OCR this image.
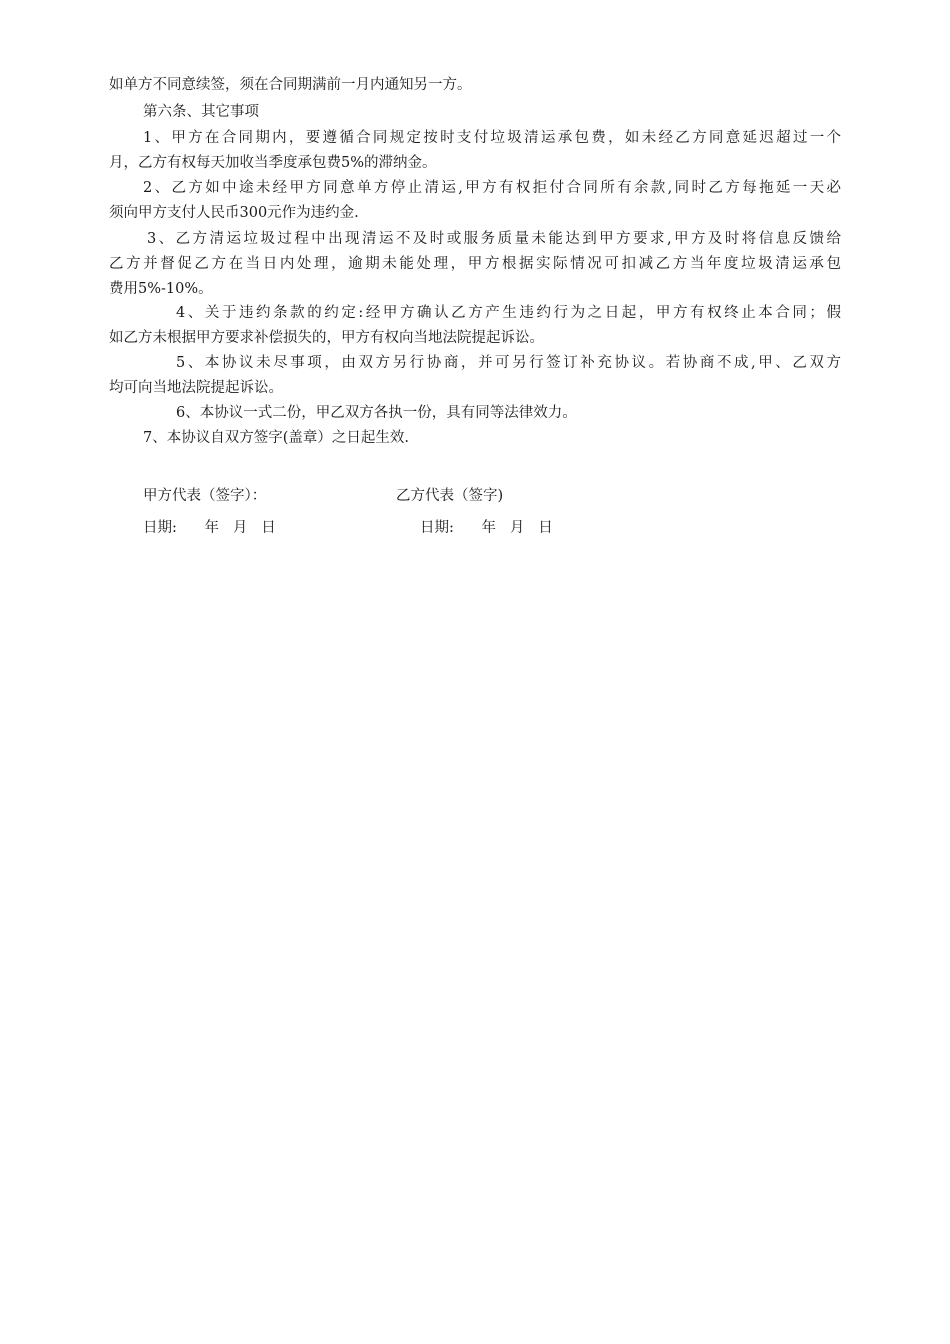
如单方不同意续签，须在合同期满前一月内通知另一方。

第六条、其它事项

1、甲方在合同期内，要遵循合同规定按时支付垃圾清运承包费，如未经乙方同意延迟超过一个

月，乙方有权每天加收当季度承包费5%的滞纳金。

2、乙方如中途未经甲方同意单方停止清运,甲方有权拒付合同所有余款,同时乙方每拖延一天必

须向甲方支付人民币300元作为违约金.

3、乙方清运垃圾过程中出现清运不及时或服务质量未能达到甲方要求,甲方及时将信息反馈给

乙方并督促乙方在当日内处理，逾期未能处理，甲方根据实际情况可扣减乙方当年度垃圾清运承包

费用5%-10%。

4、关于违约条款的约定:经甲方确认乙方产生违约行为之日起，甲方有权终止本合同；假

如乙方未根据甲方要求补偿损失的，甲方有权向当地法院提起诉讼。

5、本协议未尽事项，由双方另行协商，并可另行签订补充协议。若协商不成,甲、乙双方

均可向当地法院提起诉讼。

6、本协议一式二份，甲乙双方各执一份，具有同等法律效力。

7、本协议自双方签字(盖章）之日起生效.

甲方代表（签字）：	乙方代表（签字)

日期:      年   月   日	日期:      年   月   日
